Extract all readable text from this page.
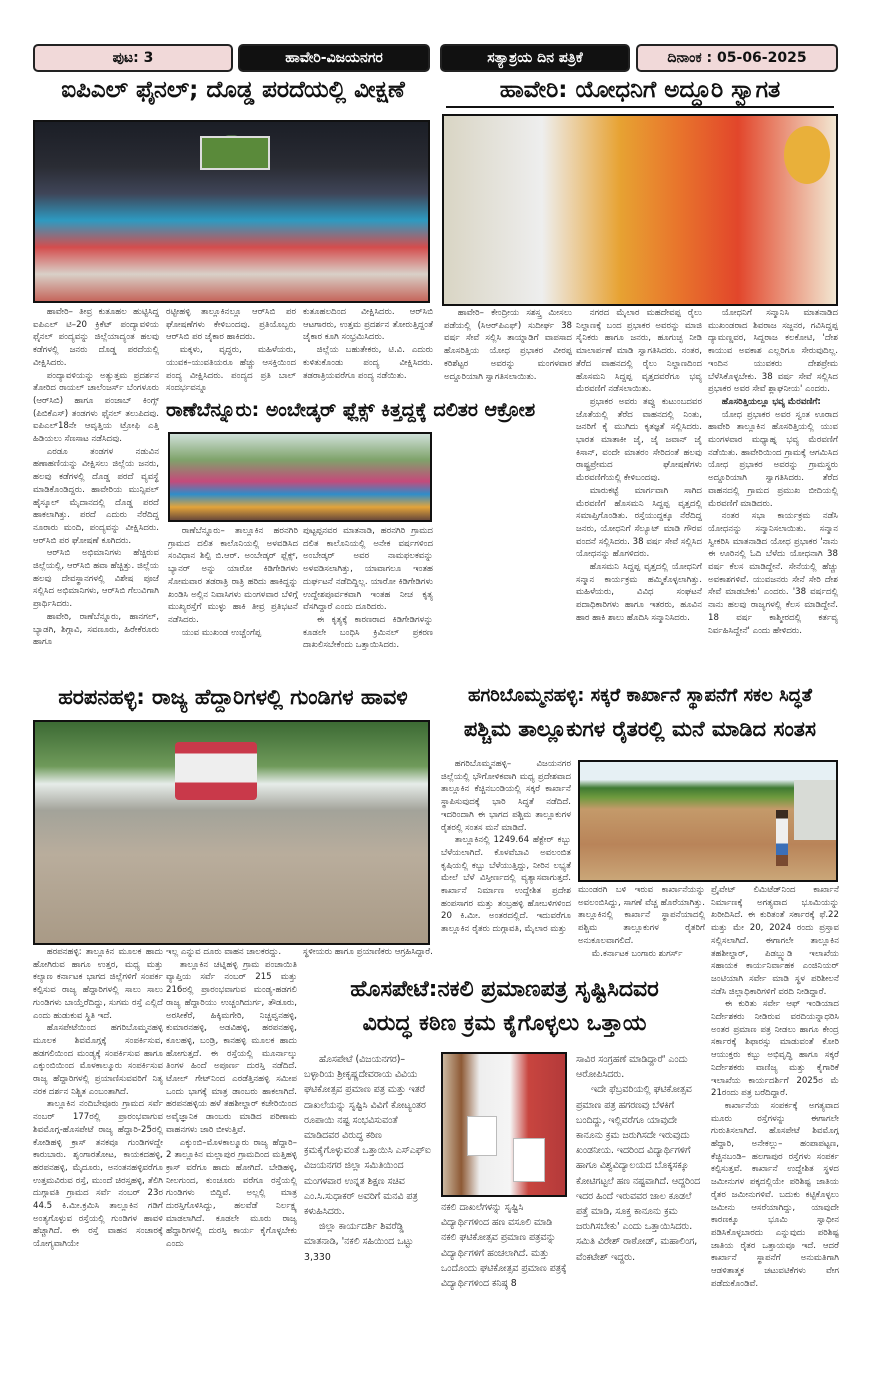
ಪುಟ: 3	ಹಾವೇರಿ-ವಿಜಯನಗರ	ಸತ್ಯಾಶ್ರಯ ದಿನ ಪತ್ರಿಕೆ	ದಿನಾಂಕ : 05-06-2025
ಐಪಿಎಲ್ ಫೈನಲ್; ದೊಡ್ಡ ಪರದೆಯಲ್ಲಿ ವೀಕ್ಷಣೆ

ಹಾವೇರಿ– ತೀವ್ರ ಕುತೂಹಲ ಹುಟ್ಟಿಸಿದ್ದ ಐಪಿಎಲ್ ಟಿ–20 ಕ್ರಿಕೆಟ್ ಪಂದ್ಯಾವಳಿಯ ಫೈನಲ್ ಪಂದ್ಯವನ್ನು ಜಿಲ್ಲೆಯಾದ್ಯಂತ ಹಲವು ಕಡೆಗಳಲ್ಲಿ ಜನರು ದೊಡ್ಡ ಪರದೆಯಲ್ಲಿ ವೀಕ್ಷಿಸಿದರು.

ಪಂದ್ಯಾವಳಿಯನ್ನು ಅತ್ಯುತ್ತಮ ಪ್ರದರ್ಶನ ತೋರಿದ ರಾಯಲ್ ಚಾಲೆಂಜರ್ಸ್ ಬೆಂಗಳೂರು (ಆರ್‌ಸಿಬಿ) ಹಾಗೂ ಪಂಜಾಬ್ ಕಿಂಗ್ಸ್ (ಪಿಬಿಕೆಎಸ್) ತಂಡಗಳು ಫೈನಲ್ ತಲುಪಿದವು. ಐಪಿಎಲ್18ನೇ ಆವೃತ್ತಿಯ ಟ್ರೋಫಿ ಎತ್ತಿ ಹಿಡಿಯಲು ಸೆಣಸಾಟ ನಡೆಸಿದವು.

ಎರಡೂ ತಂಡಗಳ ನಡುವಿನ ಹಣಾಹಣಿಯನ್ನು ವೀಕ್ಷಿಸಲು ಜಿಲ್ಲೆಯ ಜನರು, ಹಲವು ಕಡೆಗಳಲ್ಲಿ ದೊಡ್ಡ ಪರದೆ ವ್ಯವಸ್ಥೆ ಮಾಡಿಕೊಂಡಿದ್ದರು. ಹಾವೇರಿಯ ಮುನ್ಸಿಪಲ್ ಹೈಸ್ಕೂಲ್ ಮೈದಾನದಲ್ಲಿ ದೊಡ್ಡ ಪರದೆ ಹಾಕಲಾಗಿತ್ತು. ಪರದೆ ಎದುರು ನೆರೆದಿದ್ದ ನೂರಾರು ಮಂದಿ, ಪಂದ್ಯವನ್ನು ವೀಕ್ಷಿಸಿದರು. ಆರ್‌ಸಿಬಿ ಪರ ಘೋಷಣೆ ಕೂಗಿದರು.

ಆರ್‌ಸಿಬಿ ಅಭಿಮಾನಿಗಳು ಹೆಚ್ಚಿರುವ ಜಿಲ್ಲೆಯಲ್ಲಿ, ಆರ್‌ಸಿಬಿ ಹವಾ ಹೆಚ್ಚಿತ್ತು. ಜಿಲ್ಲೆಯ ಹಲವು ದೇವಸ್ಥಾನಗಳಲ್ಲಿ ವಿಶೇಷ ಪೂಜೆ ಸಲ್ಲಿಸಿದ ಅಭಿಮಾನಿಗಳು, ಆರ್‌ಸಿಬಿ ಗೆಲುವಿಗಾಗಿ ಪ್ರಾರ್ಥಿಸಿದರು.

ಹಾವೇರಿ, ರಾಣೆಬೆನ್ನೂರು, ಹಾನಗಲ್, ಬ್ಯಾಡಗಿ, ಶಿಗ್ಗಾವಿ, ಸವಣೂರು, ಹಿರೇಕೆರೂರು ಹಾಗೂ

ರಟ್ಟೀಹಳ್ಳಿ ತಾಲ್ಲೂಕಿನಲ್ಲೂ ಆರ್‌ಸಿಬಿ ಪರ ಘೋಷಣೆಗಳು ಕೇಳಿಬಂದವು. ಪ್ರತಿಯೊಬ್ಬರು ಆರ್‌ಸಿಬಿ ಪರ ಜೈಕಾರ ಹಾಕಿದರು.

ಮಕ್ಕಳು, ವೃದ್ಧರು, ಮಹಿಳೆಯರು, ಯುವಕ–ಯುವತಿಯರೂ ಹೆಚ್ಚು ಆಸಕ್ತಿಯಿಂದ ಪಂದ್ಯ ವೀಕ್ಷಿಸಿದರು. ಪಂದ್ಯದ ಪ್ರತಿ ಬಾಲ್ ಸಂದರ್ಭವನ್ನೂ

ಕುತೂಹಲದಿಂದ ವೀಕ್ಷಿಸಿದರು. ಆರ್‌ಸಿಬಿ ಆಟಗಾರರು, ಉತ್ತಮ ಪ್ರದರ್ಶನ ತೋರುತ್ತಿದ್ದಂತೆ ಜೈಕಾರ ಕೂಗಿ ಸಂಭ್ರಮಿಸಿದರು.

ಜಿಲ್ಲೆಯ ಬಹುತೇಕರು, ಟಿ.ವಿ. ಎದುರು ಕುಳಿತುಕೊಂಡು ಪಂದ್ಯ ವೀಕ್ಷಿಸಿದರು. ತಡರಾತ್ರಿಯವರೆಗೂ ಪಂದ್ಯ ನಡೆಯಿತು.

ರಾಣೆಬೆನ್ನೂರು: ಅಂಬೇಡ್ಕರ್ ಫ್ಲೆಕ್ಸ್ ಕಿತ್ತದ್ದಕ್ಕೆ ದಲಿತರ ಆಕ್ರೋಶ

ರಾಣೆಬೆನ್ನೂರು– ತಾಲ್ಲೂಕಿನ ಹರನಗಿರಿ ಗ್ರಾಮದ ದಲಿತ ಕಾಲೊನಿಯಲ್ಲಿ ಅಳವಡಿಸಿದ ಸಂವಿಧಾನ ಶಿಲ್ಪಿ ಬಿ.ಆರ್. ಅಂಬೇಡ್ಕರ್ ಫ್ಲೆಕ್ಸ್, ಬ್ಯಾನರ್ ಅನ್ನು ಯಾರೋ ಕಿಡಿಗೇಡಿಗಳು ಸೋಮವಾರ ತಡರಾತ್ರಿ ರಾತ್ರಿ ಹರಿದು ಹಾಕಿದ್ದನ್ನು ಖಂಡಿಸಿ ಅಲ್ಲಿನ ನಿವಾಸಿಗಳು ಮಂಗಳವಾರ ಬೆಳಿಗ್ಗೆ ಮುಖ್ಯರಸ್ತೆಗೆ ಮುಳ್ಳು ಹಾಕಿ ತೀವ್ರ ಪ್ರತಿಭಟನೆ ನಡೆಸಿದರು.

ಯುವ ಮುಖಂಡ ಉಚ್ಚೆಂಗೆಪ್ಪ

ಪುಟ್ಟಪ್ಪನವರ ಮಾತನಾಡಿ, ಹರನಗಿರಿ ಗ್ರಾಮದ ದಲಿತ ಕಾಲೊನಿಯಲ್ಲಿ ಅನೇಕ ವರ್ಷಗಳಿಂದ ಅಂಬೇಡ್ಕರ್ ಅವರ ನಾಮಫಲಕವನ್ನು ಅಳವಡಿಸಲಾಗಿತ್ತು, ಯಾವಾಗಲೂ ಇಂತಹ ದುರ್ಘಟನೆ ನಡೆದಿದ್ದಿಲ್ಲ. ಯಾರೋ ಕಿಡಿಗೇಡಿಗಳು ಉದ್ದೇಶಪೂರ್ವಕವಾಗಿ ಇಂತಹ ನೀಚ ಕೃತ್ಯ ವೆಸಗಿದ್ದಾರೆ ಎಂದು ದೂರಿದರು.

ಈ ಕೃತ್ಯಕ್ಕೆ ಕಾರಣರಾದ ಕಿಡಿಗೇಡಿಗಳನ್ನು ಕೂಡಲೇ ಬಂಧಿಸಿ ಕ್ರಿಮಿನಲ್ ಪ್ರಕರಣ ದಾಖಲಿಸಬೇಕೆಂದು ಒತ್ತಾಯಿಸಿದರು.

ಹಾವೇರಿ: ಯೋಧನಿಗೆ ಅದ್ದೂರಿ ಸ್ವಾಗತ

ಹಾವೇರಿ– ಕೇಂದ್ರೀಯ ಸಶಸ್ತ್ರ ಮೀಸಲು ಪಡೆಯಲ್ಲಿ (ಸಿಆರ್‌ಪಿಎಫ್) ಸುದೀರ್ಘ 38 ವರ್ಷ ಸೇವೆ ಸಲ್ಲಿಸಿ ತಾಯ್ನಾಡಿಗೆ ವಾಪಸಾದ ಹೊಸರಿತ್ತಿಯ ಯೋಧ ಪ್ರಭಾಕರ ವೀರಪ್ಪ ಕರಿಶೆಟ್ಟರ ಅವರನ್ನು ಮಂಗಳವಾರ ಅದ್ದೂರಿಯಾಗಿ ಸ್ವಾಗತಿಸಲಾಯಿತು.

ನಗರದ ಮೈಲಾರ ಮಹದೇವಪ್ಪ ರೈಲು ನಿಲ್ದಾಣಕ್ಕೆ ಬಂದ ಪ್ರಭಾಕರ ಅವರನ್ನು ಮಾಜಿ ಸೈನಿಕರು ಹಾಗೂ ಜನರು, ಹೂಗುಚ್ಛ ನೀಡಿ ಮಾಲಾರ್ಪಣೆ ಮಾಡಿ ಸ್ವಾಗತಿಸಿದರು. ನಂತರ, ತೆರೆದ ವಾಹನದಲ್ಲಿ ರೈಲು ನಿಲ್ದಾಣದಿಂದ ಹೊಸಮನಿ ಸಿದ್ದಪ್ಪ ವೃತ್ತದವರೆಗೂ ಭವ್ಯ ಮೆರವಣಿಗೆ ನಡೆಸಲಾಯಿತು.

ಪ್ರಭಾಕರ ಅವರು ತವ್ವು ಕುಟುಂಬದವರ ಜೊತೆಯಲ್ಲಿ ತೆರೆದ ವಾಹನದಲ್ಲಿ ನಿಂತು, ಜನರಿಗೆ ಕೈ ಮುಗಿದು ಕೃತಜ್ಞತೆ ಸಲ್ಲಿಸಿದರು. ಭಾರತ ಮಾತಾಕೀ ಜೈ, ಜೈ ಜವಾನ್ ಜೈ ಕಿಸಾನ್, ವಂದೇ ಮಾತರಂ ಸೇರಿದಂತೆ ಹಲವು ರಾಷ್ಟ್ರಪ್ರೇಮದ ಘೋಷಣೆಗಳು ಮೆರವಣಿಗೆಯಲ್ಲಿ ಕೇಳಿಬಂದವು.

ಮಾರುಕಟ್ಟೆ ಮಾರ್ಗವಾಗಿ ಸಾಗಿದ ಮೆರವಣಿಗೆ ಹೊಸಮನಿ ಸಿದ್ದಪ್ಪ ವೃತ್ತದಲ್ಲಿ ಸಮಾಪ್ತಿಗೊಂಡಿತು. ರಸ್ತೆಯುದ್ದಕ್ಕೂ ನೆರೆದಿದ್ದ ಜನರು, ಯೋಧನಿಗೆ ಸೆಲ್ಯೂಟ್ ಮಾಡಿ ಗೌರವ ವಂದನೆ ಸಲ್ಲಿಸಿದರು. 38 ವರ್ಷ ಸೇವೆ ಸಲ್ಲಿಸಿದ ಯೋಧನನ್ನು ಹೊಗಳಿದರು.

ಹೊಸಮನಿ ಸಿದ್ದಪ್ಪ ವೃತ್ತದಲ್ಲಿ ಯೋಧನಿಗೆ ಸನ್ಮಾನ ಕಾರ್ಯಕ್ರಮ ಹಮ್ಮಿಕೊಳ್ಳಲಾಗಿತ್ತು. ಮಹಿಳೆಯರು, ವಿವಿಧ ಸಂಘಟನೆ ಪದಾಧಿಕಾರಿಗಳು ಹಾಗೂ ಇತರರು, ಹೂವಿನ ಹಾರ ಹಾಕಿ ಶಾಲು ಹೊದಿಸಿ ಸನ್ಮಾನಿಸಿದರು.

ಯೋಧನಿಗೆ ಸನ್ಮಾನಿಸಿ ಮಾತನಾಡಿದ ಮುಖಂಡರಾದ ಶಿವರಾಜ ಸಜ್ಜನರ, ಗವಿಸಿದ್ದಪ್ಪ ದ್ಯಾಮಣ್ಣವರ, ಸಿದ್ದರಾಜ ಕಲಕೋಟಿ, 'ದೇಶ ಕಾಯುವ ಅವಕಾಶ ಎಲ್ಲರಿಗೂ ಸೇರುವುದಿಲ್ಲ. ಇಂದಿನ ಯುವಕರು ದೇಶಪ್ರೇಮ ಬೆಳೆಸಿಕೊಳ್ಳಬೇಕು. 38 ವರ್ಷ ಸೇವೆ ಸಲ್ಲಿಸಿದ ಪ್ರಭಾಕರ ಅವರ ಸೇವೆ ಶ್ಲಾಘನೀಯ' ಎಂದರು.

ಹೊಸರಿತ್ತಿಯಲ್ಲೂ ಭವ್ಯ ಮೆರವಣಿಗೆ:

ಯೋಧ ಪ್ರಭಾಕರ ಅವರ ಸ್ವಂತ ಊರಾದ ಹಾವೇರಿ ತಾಲ್ಲೂಕಿನ ಹೊಸರಿತ್ತಿಯಲ್ಲಿ ಯುವ ಮಂಗಳವಾರ ಮಧ್ಯಾಹ್ನ ಭವ್ಯ ಮೆರವಣಿಗೆ ನಡೆಯಿತು. ಹಾವೇರಿಯಿಂದ ಗ್ರಾಮಕ್ಕೆ ಆಗಮಿಸಿದ ಯೋಧ ಪ್ರಭಾಕರ ಅವರನ್ನು ಗ್ರಾಮಸ್ಥರು ಅದ್ದೂರಿಯಾಗಿ ಸ್ವಾಗತಿಸಿದರು. ತೆರೆದ ವಾಹನದಲ್ಲಿ ಗ್ರಾಮದ ಪ್ರಮುಖ ಬೀದಿಯಲ್ಲಿ ಮೆರವಣಿಗೆ ಮಾಡಿದರು.

ನಂತರ ಸಭಾ ಕಾರ್ಯಕ್ರಮ ನಡೆಸಿ ಯೋಧನನ್ನು ಸನ್ಮಾನಿಸಲಾಯಿತು. ಸನ್ಮಾನ ಸ್ವೀಕರಿಸಿ ಮಾತನಾಡಿದ ಯೋಧ ಪ್ರಭಾಕರ 'ನಾನು ಈ ಊರಿನಲ್ಲಿ ಓದಿ ಬೆಳೆದು ಯೋಧನಾಗಿ 38 ವರ್ಷ ಕೆಲಸ ಮಾಡಿದ್ದೇನೆ. ಸೇನೆಯಲ್ಲಿ ಹೆಚ್ಚು ಅವಕಾಶಗಳಿವೆ. ಯುವಜನರು ಸೇನೆ ಸೇರಿ ದೇಶ ಸೇವೆ ಮಾಡಬೇಕು' ಎಂದರು. '38 ವರ್ಷದಲ್ಲಿ ನಾನು ಹಲವು ರಾಜ್ಯಗಳಲ್ಲಿ ಕೆಲಸ ಮಾಡಿದ್ದೇನೆ. 18 ವರ್ಷ ಕಾಶ್ಮೀರದಲ್ಲಿ ಕರ್ತವ್ಯ ನಿರ್ವಹಿಸಿದ್ದೇನೆ' ಎಂದು ಹೇಳಿದರು.

ಹರಪನಹಳ್ಳಿ: ರಾಜ್ಯ ಹೆದ್ದಾರಿಗಳಲ್ಲಿ ಗುಂಡಿಗಳ ಹಾವಳಿ

ಹರಪನಹಳ್ಳಿ: ತಾಲ್ಲೂಕಿನ ಮೂಲಕ ಹಾದು ಹೋಗಿರುವ ಹಾಗೂ ಉತ್ತರ, ಮಧ್ಯ ಮತ್ತು ಕಲ್ಯಾಣ ಕರ್ನಾಟಕ ಭಾಗದ ಜಿಲ್ಲೆಗಳಿಗೆ ಸಂಪರ್ಕ ಕಲ್ಪಿಸುವ ರಾಜ್ಯ ಹೆದ್ದಾರಿಗಳಲ್ಲಿ ಸಾಲು ಸಾಲು ಗುಂಡಿಗಳು ಬಾಯ್ತೆರೆದಿದ್ದು, ಸುಗಮ ರಸ್ತೆ ಎಲ್ಲಿದೆ ಎಂದು ಹುಡುಕುವ ಸ್ಥಿತಿ ಇದೆ.

ಹೊಸಪೇಟೆಯಿಂದ ಹಗರಿಬೊಮ್ಮನಹಳ್ಳಿ ಮೂಲಕ ಶಿವಮೊಗ್ಗಕ್ಕೆ ಸಂಪರ್ಕಿಸುವ, ಹಡಗಲಿಯಿಂದ ಮಂಡ್ಯಕ್ಕೆ ಸಂಪರ್ಕಿಸುವ ಹಾಗೂ ಎಕ್ಕುಂಬಿಯಿಂದ ಮೊಳಕಾಲ್ಮೂರು ಸಂಪರ್ಕಿಸುವ ರಾಜ್ಯ ಹೆದ್ದಾರಿಗಳಲ್ಲಿ ಪ್ರಯಾಣಿಸುವವರಿಗೆ ನಿತ್ಯ ನರಕ ದರ್ಶನ ನಿಶ್ಚಿತ ಎಂಬಂತಾಗಿದೆ.

ತಾಲ್ಲೂಕಿನ ನಂದಿಬೇವೂರು ಗ್ರಾಮದ ಸರ್ವೆ ನಂಬರ್ 177ರಲ್ಲಿ ಪ್ರಾರಂಭವಾಗುವ ಶಿವಮೊಗ್ಗ-ಹೊಸಪೇಟೆ ರಾಜ್ಯ ಹೆದ್ದಾರಿ-25ರಲ್ಲಿ ಕೋಡಿಹಳ್ಳಿ ಕ್ರಾಸ್ ತನಕವೂ ಗುಂಡಿಗಳದ್ದೇ ಕಾರುಬಾರು. ಶೃಂಗಾರತೋಟ, ಕಾಯಕದಹಳ್ಳಿ, ಹರಪನಹಳ್ಳಿ, ಮೈದೂರು, ಅನಂತನಹಳ್ಳಿವರೆಗೂ ಉತ್ತಮವಿರುವ ರಸ್ತೆ, ಮುಂದೆ ಚಿರಸ್ತಹಳ್ಳಿ, ತೆಲಿಗಿ ದುಗ್ಗಾವತಿ ಗ್ರಾಮದ ಸರ್ವೆ ನಂಬರ್ 23ರ 44.5 ಕಿ.ಮೀ.ಕ್ರಮಿಸಿ ತಾಲ್ಲೂಕಿನ ಗಡಿಗೆ ಅಂತ್ಯಗೊಳ್ಳುವ ರಸ್ತೆಯಲ್ಲಿ ಗುಂಡಿಗಳ ಹಾವಳಿ ಹೆಚ್ಚಾಗಿದೆ. ಈ ರಸ್ತೆ ವಾಹನ ಸಂಚಾರಕ್ಕೆ ಯೋಗ್ಯವಾಗಿಯೇ

ಇಲ್ಲ ಎನ್ನುವ ದೂರು ವಾಹನ ಚಾಲಕರದ್ದು.

ತಾಲ್ಲೂಕಿನ ಚಟ್ನಿಹಳ್ಳಿ ಗ್ರಾಮ ಪಂಚಾಯಿತಿ ವ್ಯಾಪ್ತಿಯ ಸರ್ವೆ ನಂಬರ್ 215 ಮತ್ತು 216ರಲ್ಲಿ ಪ್ರಾರಂಭವಾಗುವ ಮಂಡ್ಯ-ಹಡಗಲಿ ರಾಜ್ಯ ಹೆದ್ದಾರಿಯು ಉಚ್ಚಂಗಿದುರ್ಗ, ತೌಡೂರು, ಅರಸೀಕೆರೆ, ಹಿಕ್ಕಿಮಗೇರಿ, ನಿಚ್ಚವ್ವನಹಳ್ಳಿ, ಕುಮಾರನಹಳ್ಳಿ, ಅಡವಿಹಳ್ಳಿ, ಹರಪನಹಳ್ಳಿ, ಕೂಲಹಳ್ಳಿ, ಬಂಡ್ರಿ, ಕಾನಹಳ್ಳಿ ಮೂಲಕ ಹಾದು ಹೋಗುತ್ತದೆ. ಈ ರಸ್ತೆಯಲ್ಲಿ ಮೂರ್ನಾಲ್ಕು ತಿಂಗಳ ಹಿಂದೆ ಅಪೂರ್ಣ ದುರಸ್ತಿ ನಡೆದಿದೆ. ಟೋಲ್ ಗೇಟ್‌ನಿಂದ ಎರಡೆತ್ತಿನಹಳ್ಳಿ ಸಮೀಪ ಒಂದು ಭಾಗಕ್ಕೆ ಮಾತ್ರ ಡಾಂಬರು ಹಾಕಲಾಗಿದೆ. ಹರಪನಹಳ್ಳಿಯ ಹಳೆ ತಹಶೀಲ್ದಾರ್ ಕಚೇರಿಯಿಂದ ಅವೈಜ್ಞಾನಿಕ ಡಾಂಬರು ಮಾಡಿದ ಪರಿಣಾಮ ವಾಹನಗಳು ಜಾರಿ ಬೀಳುತ್ತಿವೆ.

ಎಕ್ಕುಂಬಿ–ಮೊಳಕಾಲ್ಮೂರು ರಾಜ್ಯ ಹೆದ್ದಾರಿ–2 ತಾಲ್ಲೂಕಿನ ಮಲ್ಲಾಪುರ ಗ್ರಾಮದಿಂದ ಮತ್ತಿಹಳ್ಳಿ ಕ್ರಾಸ್ ವರೆಗೂ ಹಾದು ಹೋಗಿದೆ. ಬೇಡಿಹಳ್ಳಿ, ನೀಲಗುಂದ, ಕುಂಚೂರು ವರೆಗೂ ರಸ್ತೆಯಲ್ಲಿ ಗುಂಡಿಗಳು ಬಿದ್ದಿವೆ. ಅಲ್ಲಲ್ಲಿ ಮಾತ್ರ ದುರಸ್ತಿಗೊಳಿಸಿದ್ದು, ಹಲವೆಡೆ ನಿರ್ಲಕ್ಷ್ಯ ಮಾಡಲಾಗಿದೆ. ಕೂಡಲೇ ಮೂರು ರಾಜ್ಯ ಹೆದ್ದಾರಿಗಳಲ್ಲಿ ದುರಸ್ತಿ ಕಾರ್ಯ ಕೈಗೊಳ್ಳಬೇಕು ಎಂದು

ಸ್ಥಳೀಯರು ಹಾಗೂ ಪ್ರಯಾಣಿಕರು ಆಗ್ರಹಿಸಿದ್ದಾರೆ.

ಹಗರಿಬೊಮ್ಮನಹಳ್ಳಿ: ಸಕ್ಕರೆ ಕಾರ್ಖಾನೆ ಸ್ಥಾಪನೆಗೆ ಸಕಲ ಸಿದ್ಧತೆ
ಪಶ್ಚಿಮ ತಾಲ್ಲೂಕುಗಳ ರೈತರಲ್ಲಿ ಮನೆ ಮಾಡಿದ ಸಂತಸ

ಹಗರಿಬೊಮ್ಮನಹಳ್ಳಿ– ವಿಜಯನಗರ ಜಿಲ್ಲೆಯಲ್ಲಿ ಭೌಗೋಳಿಕವಾಗಿ ಮಧ್ಯ ಪ್ರದೇಶವಾದ ತಾಲ್ಲೂಕಿನ ಕೆಚ್ಚಿನಬಂಡಿಯಲ್ಲಿ ಸಕ್ಕರೆ ಕಾರ್ಖಾನೆ ಸ್ಥಾಪಿಸುವುದಕ್ಕೆ ಭಾರಿ ಸಿದ್ಧತೆ ನಡೆದಿದೆ. ಇದರಿಂದಾಗಿ ಈ ಭಾಗದ ಪಶ್ಚಿಮ ತಾಲ್ಲೂಕುಗಳ ರೈತರಲ್ಲಿ ಸಂತಸ ಮನೆ ಮಾಡಿದೆ.

ತಾಲ್ಲೂಕಿನಲ್ಲಿ 1249.64 ಹೆಕ್ಟೇರ್ ಕಬ್ಬು ಬೆಳೆಯಲಾಗಿದೆ. ಕೊಳವೆಬಾವಿ ಅವಲಂಬಿತ ಕೃಷಿಯಲ್ಲಿ ಕಬ್ಬು ಬೆಳೆಯುತ್ತಿದ್ದು, ನೀರಿನ ಲಭ್ಯತೆ ಮೇಲೆ ಬೆಳೆ ವಿಸ್ತೀರ್ಣದಲ್ಲಿ ವ್ಯತ್ಯಾಸವಾಗುತ್ತದೆ. ಕಾರ್ಖಾನೆ ನಿರ್ಮಾಣ ಉದ್ದೇಶಿತ ಪ್ರದೇಶ ಹಂಪಸಾಗರ ಮತ್ತು ತಂಬ್ರಹಳ್ಳಿ ಹೋಬಳಿಗಳಿಂದ 20 ಕಿ.ಮೀ. ಅಂತರದಲ್ಲಿದೆ. ಇದುವರೆಗೂ ತಾಲ್ಲೂಕಿನ ರೈತರು ದುಗ್ಗಾವತಿ, ಮೈಲಾರ ಮತ್ತು

ಮುಂಡರಗಿ ಬಳಿ ಇರುವ ಕಾರ್ಖಾನೆಯನ್ನು ಅವಲಂಬಿಸಿದ್ದು, ಸಾಗಣೆ ವೆಚ್ಚ ಹೊರೆಯಾಗಿತ್ತು. ತಾಲ್ಲೂಕಿನಲ್ಲಿ ಕಾರ್ಖಾನೆ ಸ್ಥಾಪನೆಯಾದಲ್ಲಿ ಪಶ್ಚಿಮ ತಾಲ್ಲೂಕುಗಳ ರೈತರಿಗೆ ಅನುಕೂಲವಾಗಲಿದೆ.

ಮೆ.ಕರ್ನಾಟಕ ಬಂಗಾರು ಶುಗರ್ಸ್

ಪ್ರೈವೇಟ್ ಲಿಮಿಟೆಡ್‌ನಿಂದ ಕಾರ್ಖಾನೆ ನಿರ್ಮಾಣಕ್ಕೆ ಅಗತ್ಯವಾದ ಭೂಮಿಯನ್ನು ಖರೀದಿಸಿದೆ. ಈ ಕುರಿತಂತೆ ಸರ್ಕಾರಕ್ಕೆ ಫೆ.22 ಮತ್ತು ಮೇ 20, 2024 ರಂದು ಪ್ರಸ್ತಾವ ಸಲ್ಲಿಸಲಾಗಿದೆ. ಈಗಾಗಲೇ ತಾಲ್ಲೂಕಿನ ತಹಶೀಲ್ದಾರ್, ಪಿಡಬ್ಲ್ಯುಡಿ ಇಲಾಖೆಯ ಸಹಾಯಕ ಕಾರ್ಯನಿರ್ವಾಹಕ ಎಂಜಿನಿಯರ್ ಜಂಟಿಯಾಗಿ ಸರ್ವೇ ಮಾಡಿ ಸ್ಥಳ ಪರಿಶೀಲನೆ ನಡೆಸಿ ಜಿಲ್ಲಾಧಿಕಾರಿಗಳಿಗೆ ವರದಿ ನೀಡಿದ್ದಾರೆ.

ಈ ಕುರಿತು ಸರ್ವೇ ಆಫ್ ಇಂಡಿಯಾದ ನಿರ್ದೇಶಕರು ನೀಡಿರುವ ವರದಿಯನ್ನಾಧರಿಸಿ ಅಂತರ ಪ್ರಮಾಣ ಪತ್ರ ನೀಡಲು ಹಾಗೂ ಕೇಂದ್ರ ಸರ್ಕಾರಕ್ಕೆ ಶಿಫಾರಸ್ಸು ಮಾಡುವಂತೆ ಕೋರಿ ಆಯುಕ್ತರು ಕಬ್ಬು ಅಭಿವೃದ್ಧಿ ಹಾಗೂ ಸಕ್ಕರೆ ನಿರ್ದೇಶಕರು ವಾಣಿಜ್ಯ ಮತ್ತು ಕೈಗಾರಿಕೆ ಇಲಾಖೆಯ ಕಾರ್ಯದರ್ಶಿಗೆ 2025ರ ಮೆ 21ರಂದು ಪತ್ರ ಬರೆದಿದ್ದಾರೆ.

ಕಾರ್ಖಾನೆಯ ಸಂಪರ್ಕಕ್ಕೆ ಅಗತ್ಯವಾದ ಮೂರು ರಸ್ತೆಗಳನ್ನು ಈಗಾಗಲೇ ಗುರುತಿಸಲಾಗಿದೆ. ಹೊಸಪೇಟೆ ಶಿವಮೊಗ್ಗ ಹೆದ್ದಾರಿ, ಅನೇಕಲ್ಲು– ಹಂಪಾಪಟ್ಟಣ, ಕೆಚ್ಚಿನಬಂಡಿ– ಹಲಗಾಪುರ ರಸ್ತೆಗಳು ಸಂಪರ್ಕ ಕಲ್ಪಿಸುತ್ತವೆ. ಕಾರ್ಖಾನೆ ಉದ್ದೇಶಿತ ಸ್ಥಳದ ಜಮೀನುಗಳ ಪಕ್ಕದಲ್ಲಿಯೇ ಪರಿಶಿಷ್ಟ ಜಾತಿಯ ರೈತರ ಜಮೀನುಗಳಿವೆ. ಬದುಕು ಕಟ್ಟಿಕೊಳ್ಳಲು ಜಮೀನು ಆಸರೆಯಾಗಿದ್ದು, ಯಾವುದೇ ಕಾರಣಕ್ಕೂ ಭೂಮಿ ಸ್ವಾಧೀನ ಪಡಿಸಿಕೊಳ್ಳಬಾರದು ಎನ್ನುವುದು ಪರಿಶಿಷ್ಟ ಜಾತಿಯ ರೈತರ ಒತ್ತಾಯವೂ ಇದೆ. ಆದರೆ ಕಾರ್ಖಾನೆ ಸ್ಥಾಪನೆಗೆ ಅನುಮತಿಗಾಗಿ ಆಡಳಿತಾತ್ಮಕ ಚಟುವಟಿಕೆಗಳು ವೇಗ ಪಡೆದುಕೊಂಡಿವೆ.

ಹೊಸಪೇಟೆ:ನಕಲಿ ಪ್ರಮಾಣಪತ್ರ ಸೃಷ್ಟಿಸಿದವರ
ವಿರುದ್ಧ ಕಠಿಣ ಕ್ರಮ ಕೈಗೊಳ್ಳಲು ಒತ್ತಾಯ

ಹೊಸಪೇಟೆ (ವಿಜಯನಗರ)– ಬಳ್ಳಾರಿಯ ಶ್ರೀಕೃಷ್ಣದೇವರಾಯ ವಿವಿಯ ಘಟಿಕೋತ್ಸವ ಪ್ರಮಾಣ ಪತ್ರ ಮತ್ತು ಇತರೆ ದಾಖಲೆಯನ್ನು ಸೃಷ್ಟಿಸಿ ವಿವಿಗೆ ಕೋಟ್ಯಂತರ ರೂಪಾಯಿ ನಷ್ಟ ಸಂಭವಿಸುವಂತೆ ಮಾಡಿದವರ ವಿರುದ್ಧ ಕಠಿಣ ಕ್ರಮಕೈಗೊಳ್ಳುವಂತೆ ಒತ್ತಾಯಿಸಿ ಎಸ್‌ಎಫ್‌ಐ ವಿಜಯನಗರ ಜಿಲ್ಲಾ ಸಮಿತಿಯಿಂದ ಮಂಗಳವಾರ ಉನ್ನತ ಶಿಕ್ಷಣ ಸಚಿವ ಎಂ.ಸಿ.ಸುಧಾಕರ್ ಅವರಿಗೆ ಮನವಿ ಪತ್ರ ಕಳುಹಿಸಿದರು.

ಜಿಲ್ಲಾ ಕಾರ್ಯದರ್ಶಿ ಶಿವರೆಡ್ಡಿ ಮಾತನಾಡಿ, 'ನಕಲಿ ಸಹಿಯಿಂದ ಒಟ್ಟು 3,330

ನಕಲಿ ದಾಖಲೆಗಳನ್ನು ಸೃಷ್ಟಿಸಿ ವಿದ್ಯಾರ್ಥಿಗಳಿಂದ ಹಣ ವಸೂಲಿ ಮಾಡಿ ನಕಲಿ ಘಟಿಕೋತ್ಸವ ಪ್ರಮಾಣ ಪತ್ರವನ್ನು ವಿದ್ಯಾರ್ಥಿಗಳಿಗೆ ಹಂಚಲಾಗಿದೆ. ಮತ್ತು ಒಂದೊಂದು ಘಟಿಕೋತ್ಸವ ಪ್ರಮಾಣ ಪತ್ರಕ್ಕೆ ವಿದ್ಯಾರ್ಥಿಗಳಿಂದ ಕನಿಷ್ಠ 8

ಸಾವಿರ ಸಂಗ್ರಹಣೆ ಮಾಡಿದ್ದಾರೆ' ಎಂದು ಆರೋಪಿಸಿದರು.

ಇದೇ ಫೆಬ್ರವರಿಯಲ್ಲಿ ಘಟಿಕೋತ್ಸವ ಪ್ರಮಾಣ ಪತ್ರ ಹಗರಣವು ಬೆಳಕಿಗೆ ಬಂದಿದ್ದು, ಇಲ್ಲಿವರೆಗೂ ಯಾವುದೇ ಕಾನೂನು ಕ್ರಮ ಜರುಗಿಸದೇ ಇರುವುದು ಖಂಡನೀಯ. ಇದರಿಂದ ವಿದ್ಯಾರ್ಥಿಗಳಿಗೆ ಹಾಗೂ ವಿಶ್ವವಿದ್ಯಾಲಯದ ಬೊಕ್ಕಸಕ್ಕೂ ಕೋಟಿಗಟ್ಟಲೆ ಹಣ ನಷ್ಟವಾಗಿದೆ. ಆದ್ದರಿಂದ ಇದರ ಹಿಂದೆ ಇರುವವರ ಜಾಲ ಕೂಡಲೆ ಪತ್ತೆ ಮಾಡಿ, ಸೂಕ್ತ ಕಾನೂನು ಕ್ರಮ ಜರುಗಿಸಬೇಕು' ಎಂದು ಒತ್ತಾಯಿಸಿದರು. ಸಮಿತಿ ವಿರೇಶ್ ರಾಠೋಡ್, ಮಹಾಲಿಂಗ, ವೆಂಕಟೇಶ್ ಇದ್ದರು.
